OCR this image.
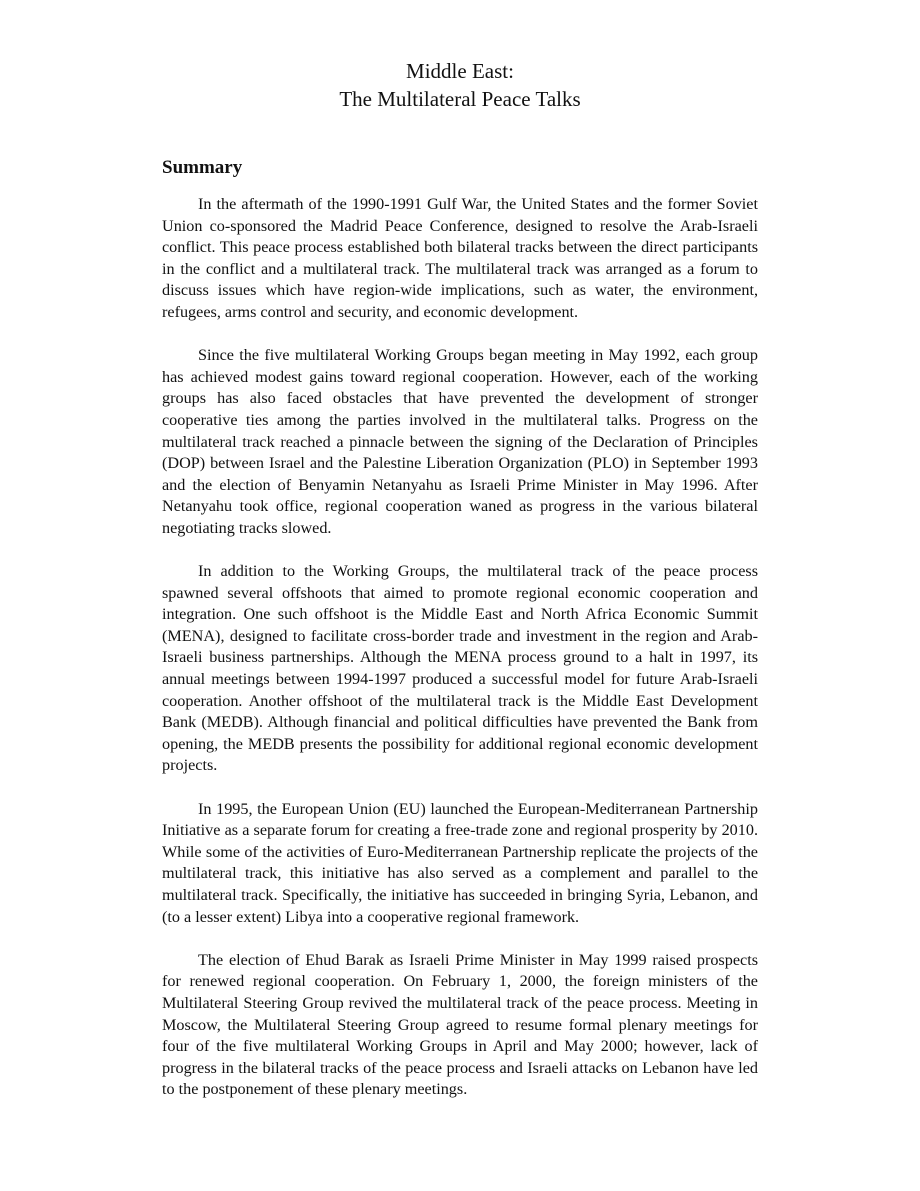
Middle East:
The Multilateral Peace Talks
Summary

In the aftermath of the 1990-1991 Gulf War, the United States and the former Soviet Union co-sponsored the Madrid Peace Conference, designed to resolve the Arab-Israeli conflict. This peace process established both bilateral tracks between the direct participants in the conflict and a multilateral track. The multilateral track was arranged as a forum to discuss issues which have region-wide implications, such as water, the environment, refugees, arms control and security, and economic development.

Since the five multilateral Working Groups began meeting in May 1992, each group has achieved modest gains toward regional cooperation. However, each of the working groups has also faced obstacles that have prevented the development of stronger cooperative ties among the parties involved in the multilateral talks. Progress on the multilateral track reached a pinnacle between the signing of the Declaration of Principles (DOP) between Israel and the Palestine Liberation Organization (PLO) in September 1993 and the election of Benyamin Netanyahu as Israeli Prime Minister in May 1996. After Netanyahu took office, regional cooperation waned as progress in the various bilateral negotiating tracks slowed.

In addition to the Working Groups, the multilateral track of the peace process spawned several offshoots that aimed to promote regional economic cooperation and integration. One such offshoot is the Middle East and North Africa Economic Summit (MENA), designed to facilitate cross-border trade and investment in the region and Arab-Israeli business partnerships. Although the MENA process ground to a halt in 1997, its annual meetings between 1994-1997 produced a successful model for future Arab-Israeli cooperation. Another offshoot of the multilateral track is the Middle East Development Bank (MEDB). Although financial and political difficulties have prevented the Bank from opening, the MEDB presents the possibility for additional regional economic development projects.

In 1995, the European Union (EU) launched the European-Mediterranean Partnership Initiative as a separate forum for creating a free-trade zone and regional prosperity by 2010. While some of the activities of Euro-Mediterranean Partnership replicate the projects of the multilateral track, this initiative has also served as a complement and parallel to the multilateral track. Specifically, the initiative has succeeded in bringing Syria, Lebanon, and (to a lesser extent) Libya into a cooperative regional framework.

The election of Ehud Barak as Israeli Prime Minister in May 1999 raised prospects for renewed regional cooperation. On February 1, 2000, the foreign ministers of the Multilateral Steering Group revived the multilateral track of the peace process. Meeting in Moscow, the Multilateral Steering Group agreed to resume formal plenary meetings for four of the five multilateral Working Groups in April and May 2000; however, lack of progress in the bilateral tracks of the peace process and Israeli attacks on Lebanon have led to the postponement of these plenary meetings.
